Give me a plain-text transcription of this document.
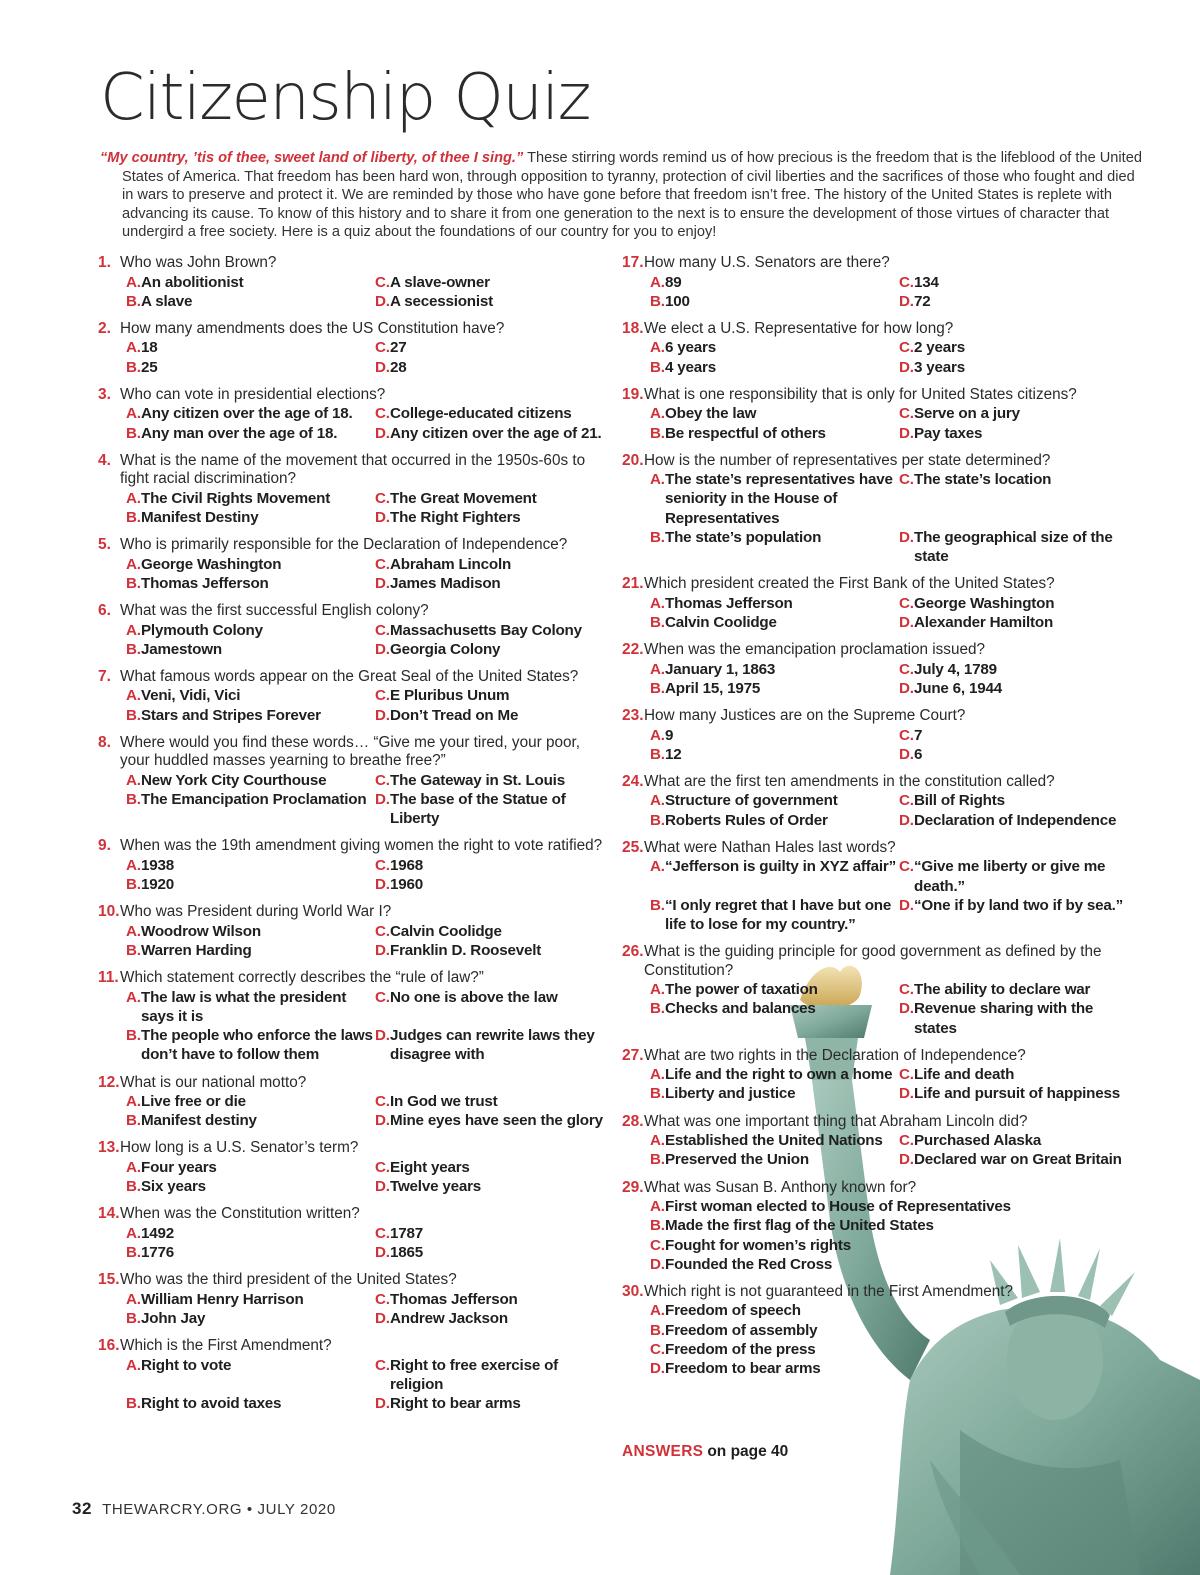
Citizenship Quiz

“My country, ’tis of thee, sweet land of liberty, of thee I sing.” These stirring words remind us of how precious is the freedom that is the lifeblood of the United States of America. That freedom has been hard won, through opposition to tyranny, protection of civil liberties and the sacrifices of those who fought and died in wars to preserve and protect it. We are reminded by those who have gone before that freedom isn’t free. The history of the United States is replete with advancing its cause. To know of this history and to share it from one generation to the next is to ensure the development of those virtues of character that undergird a free society. Here is a quiz about the foundations of our country for you to enjoy!

1. Who was John Brown?
A. An abolitionist	C. A slave-owner
B. A slave	D. A secessionist
2. How many amendments does the US Constitution have?
A. 18	C. 27
B. 25	D. 28
3. Who can vote in presidential elections?
A. Any citizen over the age of 18.	C. College-educated citizens
B. Any man over the age of 18.	D. Any citizen over the age of 21.
4. What is the name of the movement that occurred in the 1950s-60s to fight racial discrimination?
A. The Civil Rights Movement	C. The Great Movement
B. Manifest Destiny	D. The Right Fighters
5. Who is primarily responsible for the Declaration of Independence?
A. George Washington	C. Abraham Lincoln
B. Thomas Jefferson	D. James Madison
6. What was the first successful English colony?
A. Plymouth Colony	C. Massachusetts Bay Colony
B. Jamestown	D. Georgia Colony
7. What famous words appear on the Great Seal of the United States?
A. Veni, Vidi, Vici	C. E Pluribus Unum
B. Stars and Stripes Forever	D. Don’t Tread on Me
8. Where would you find these words… “Give me your tired, your poor, your huddled masses yearning to breathe free?”
A. New York City Courthouse	C. The Gateway in St. Louis
B. The Emancipation Proclamation D. The base of the Statue of Liberty
9. When was the 19th amendment giving women the right to vote ratified?
A. 1938	C. 1968
B. 1920	D. 1960
10. Who was President during World War I?
A. Woodrow Wilson	C. Calvin Coolidge
B. Warren Harding	D. Franklin D. Roosevelt
11. Which statement correctly describes the “rule of law?”
A. The law is what the president says it is
C. No one is above the law
B. The people who enforce the laws don’t have to follow them
D. Judges can rewrite laws they disagree with
12. What is our national motto?
A. Live free or die	C. In God we trust
B. Manifest destiny	D. Mine eyes have seen the glory
13. How long is a U.S. Senator’s term?
A. Four years	C. Eight years
B. Six years	D. Twelve years
14. When was the Constitution written?
A. 1492	C. 1787
B. 1776	D. 1865
15. Who was the third president of the United States?
A. William Henry Harrison	C. Thomas Jefferson
B. John Jay	D. Andrew Jackson
16. Which is the First Amendment?
A. Right to vote	C. Right to free exercise of religion
B. Right to avoid taxes	D. Right to bear arms
17. How many U.S. Senators are there?
A. 89	C. 134
B. 100	D. 72
18. We elect a U.S. Representative for how long?
A. 6 years	C. 2 years
B. 4 years	D. 3 years
19. What is one responsibility that is only for United States citizens?
A. Obey the law	C. Serve on a jury
B. Be respectful of others	D. Pay taxes
20. How is the number of representatives per state determined?
A. The state’s representatives have seniority in the House of Representatives
C. The state’s location
B. The state’s population	D. The geographical size of the state
21. Which president created the First Bank of the United States?
A. Thomas Jefferson	C. George Washington
B. Calvin Coolidge	D. Alexander Hamilton
22. When was the emancipation proclamation issued?
A. January 1, 1863	C. July 4, 1789
B. April 15, 1975	D. June 6, 1944
23. How many Justices are on the Supreme Court?
A. 9	C. 7
B. 12	D. 6
24. What are the first ten amendments in the constitution called?
A. Structure of government	C. Bill of Rights
B. Roberts Rules of Order	D. Declaration of Independence
25. What were Nathan Hales last words?
A. “Jefferson is guilty in XYZ affair” C. “Give me liberty or give me death.”
B. “I only regret that I have but one life to lose for my country.”
D. “One if by land two if by sea.”
26. What is the guiding principle for good government as defined by the Constitution?
A. The power of taxation	C. The ability to declare war
B. Checks and balances	D. Revenue sharing with the states
27. What are two rights in the Declaration of Independence?
A. Life and the right to own a home C. Life and death
B. Liberty and justice	D. Life and pursuit of happiness
28. What was one important thing that Abraham Lincoln did?
A. Established the United Nations	C. Purchased Alaska
B. Preserved the Union	D. Declared war on Great Britain
29. What was Susan B. Anthony known for?
A. First woman elected to House of Representatives
B. Made the first flag of the United States
C. Fought for women’s rights
D. Founded the Red Cross
30. Which right is not guaranteed in the First Amendment?
A. Freedom of speech
B. Freedom of assembly
C. Freedom of the press
D. Freedom to bear arms
ANSWERS on page 40
32 THEWARCRY.ORG • JULY 2020
